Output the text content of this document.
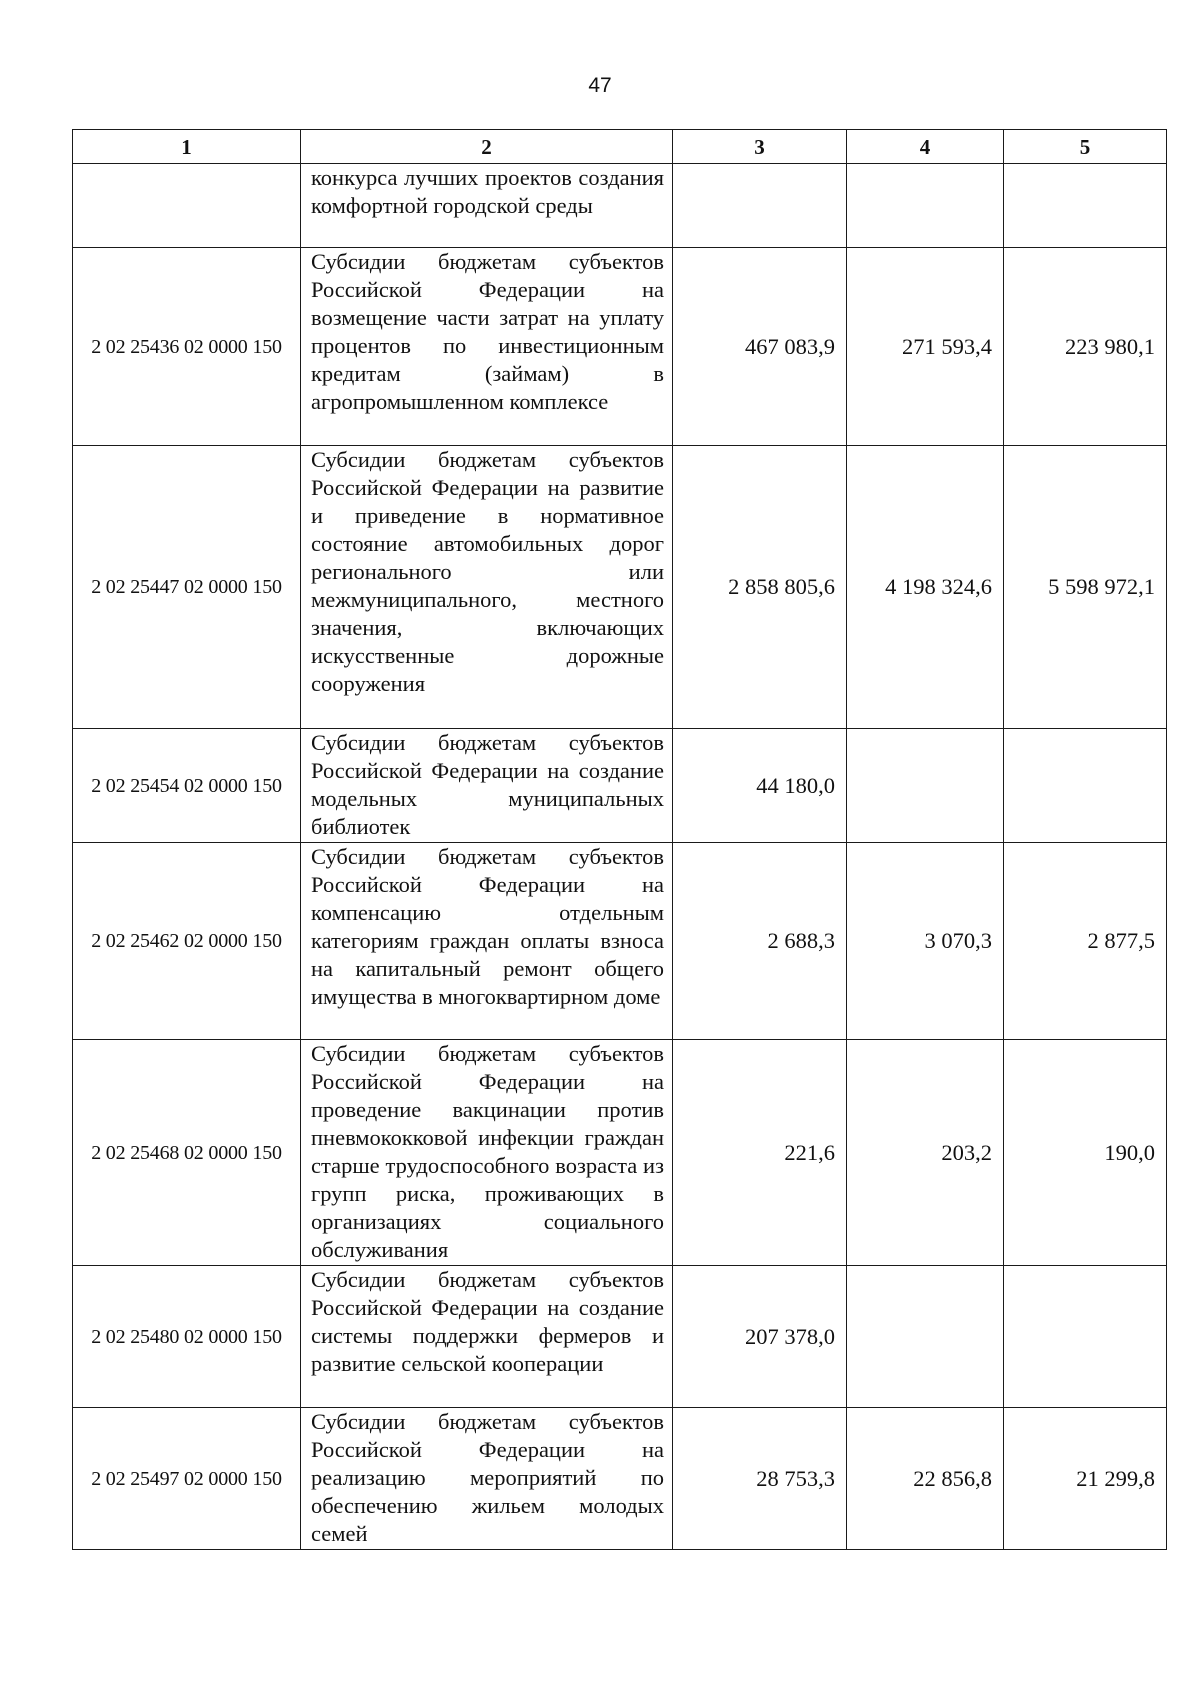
47
1	2	3	4	5
	конкурса лучших проектов создания комфортной городской среды			
2 02 25436 02 0000 150	Субсидии бюджетам субъектов Российской Федерации на возмещение части затрат на уплату процентов по инвестиционным кредитам (займам) в агропромышленном комплексе	467 083,9	271 593,4	223 980,1
2 02 25447 02 0000 150	Субсидии бюджетам субъектов Российской Федерации на развитие и приведение в нормативное состояние автомобильных дорог регионального или межмуниципального, местного значения, включающих искусственные дорожные сооружения	2 858 805,6	4 198 324,6	5 598 972,1
2 02 25454 02 0000 150	Субсидии бюджетам субъектов Российской Федерации на создание модельных муниципальных библиотек	44 180,0		
2 02 25462 02 0000 150	Субсидии бюджетам субъектов Российской Федерации на компенсацию отдельным категориям граждан оплаты взноса на капитальный ремонт общего имущества в многоквартирном доме	2 688,3	3 070,3	2 877,5
2 02 25468 02 0000 150	Субсидии бюджетам субъектов Российской Федерации на проведение вакцинации против пневмококковой инфекции граждан старше трудоспособного возраста из групп риска, проживающих в организациях социального обслуживания	221,6	203,2	190,0
2 02 25480 02 0000 150	Субсидии бюджетам субъектов Российской Федерации на создание системы поддержки фермеров и развитие сельской кооперации	207 378,0		
2 02 25497 02 0000 150	Субсидии бюджетам субъектов Российской Федерации на реализацию мероприятий по обеспечению жильем молодых семей	28 753,3	22 856,8	21 299,8
